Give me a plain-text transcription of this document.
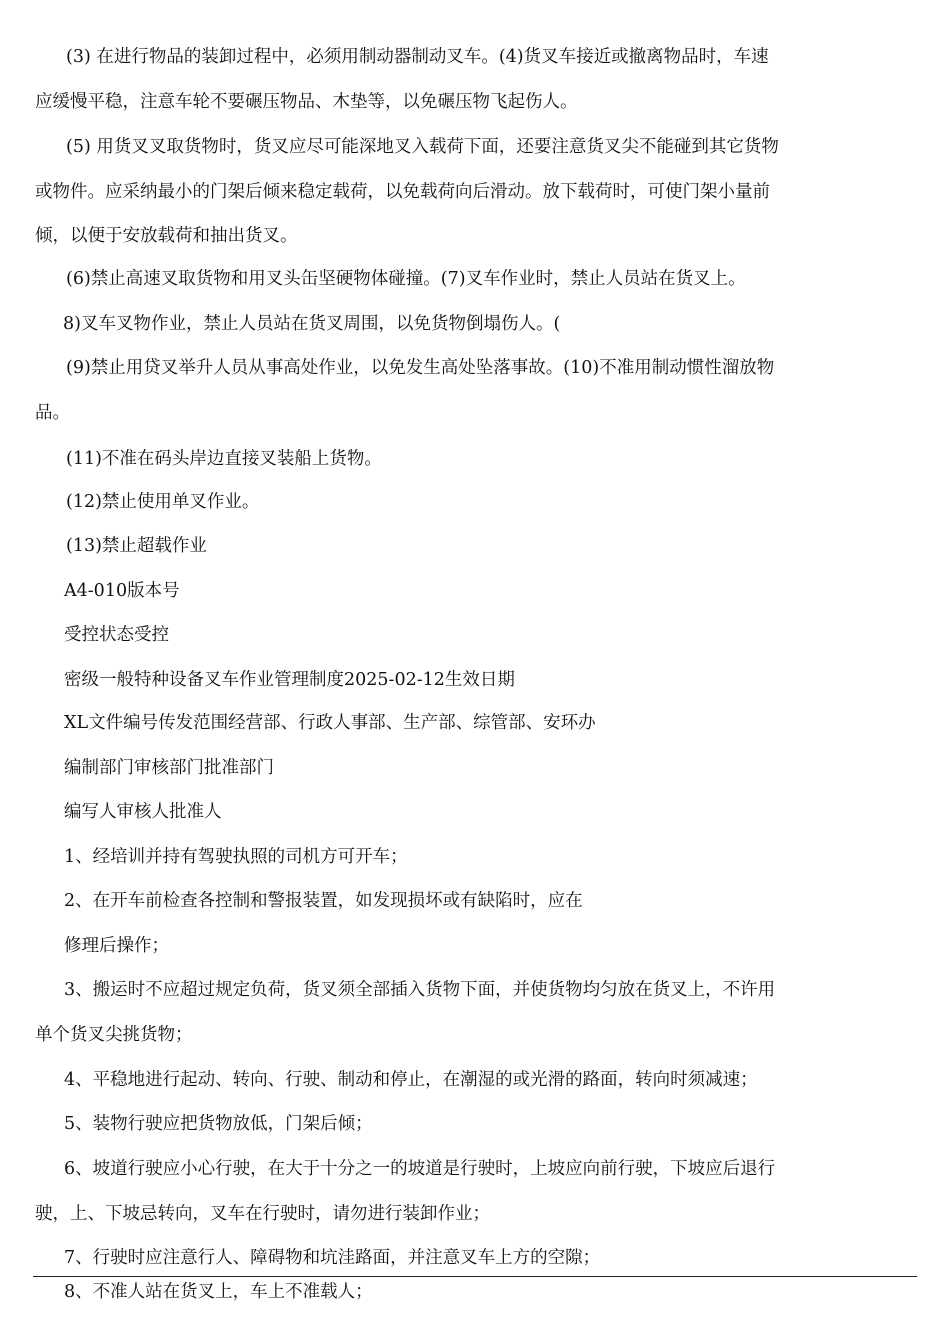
(3) 在进行物品的装卸过程中，必须用制动器制动叉车。(4)货叉车接近或撤离物品时，车速
应缓慢平稳，注意车轮不要碾压物品、木垫等，以免碾压物飞起伤人。
(5) 用货叉叉取货物时，货叉应尽可能深地叉入载荷下面，还要注意货叉尖不能碰到其它货物
或物件。应采纳最小的门架后倾来稳定载荷，以免载荷向后滑动。放下载荷时，可使门架小量前
倾，以便于安放载荷和抽出货叉。
(6)禁止高速叉取货物和用叉头缶坚硬物体碰撞。(7)叉车作业时，禁止人员站在货叉上。
8)叉车叉物作业，禁止人员站在货叉周围，以免货物倒塌伤人。(
(9)禁止用贷叉举升人员从事高处作业，以免发生高处坠落事故。(10)不准用制动惯性溜放物
品。
(11)不准在码头岸边直接叉装船上货物。
(12)禁止使用单叉作业。
(13)禁止超载作业
A4-010版本号
受控状态受控
密级一般特种设备叉车作业管理制度2025-02-12生效日期
XL文件编号传发范围经营部、行政人事部、生产部、综管部、安环办
编制部门审核部门批准部门
编写人审核人批准人
1、经培训并持有驾驶执照的司机方可开车；
2、在开车前检查各控制和警报装置，如发现损坏或有缺陷时，应在
修理后操作；
3、搬运时不应超过规定负荷，货叉须全部插入货物下面，并使货物均匀放在货叉上，不许用
单个货叉尖挑货物；
4、平稳地进行起动、转向、行驶、制动和停止，在潮湿的或光滑的路面，转向时须减速；
5、装物行驶应把货物放低，门架后倾；
6、坡道行驶应小心行驶，在大于十分之一的坡道是行驶时，上坡应向前行驶，下坡应后退行
驶，上、下坡忌转向，叉车在行驶时，请勿进行装卸作业；
7、行驶时应注意行人、障碍物和坑洼路面，并注意叉车上方的空隙；
8、不准人站在货叉上，车上不准载人；
